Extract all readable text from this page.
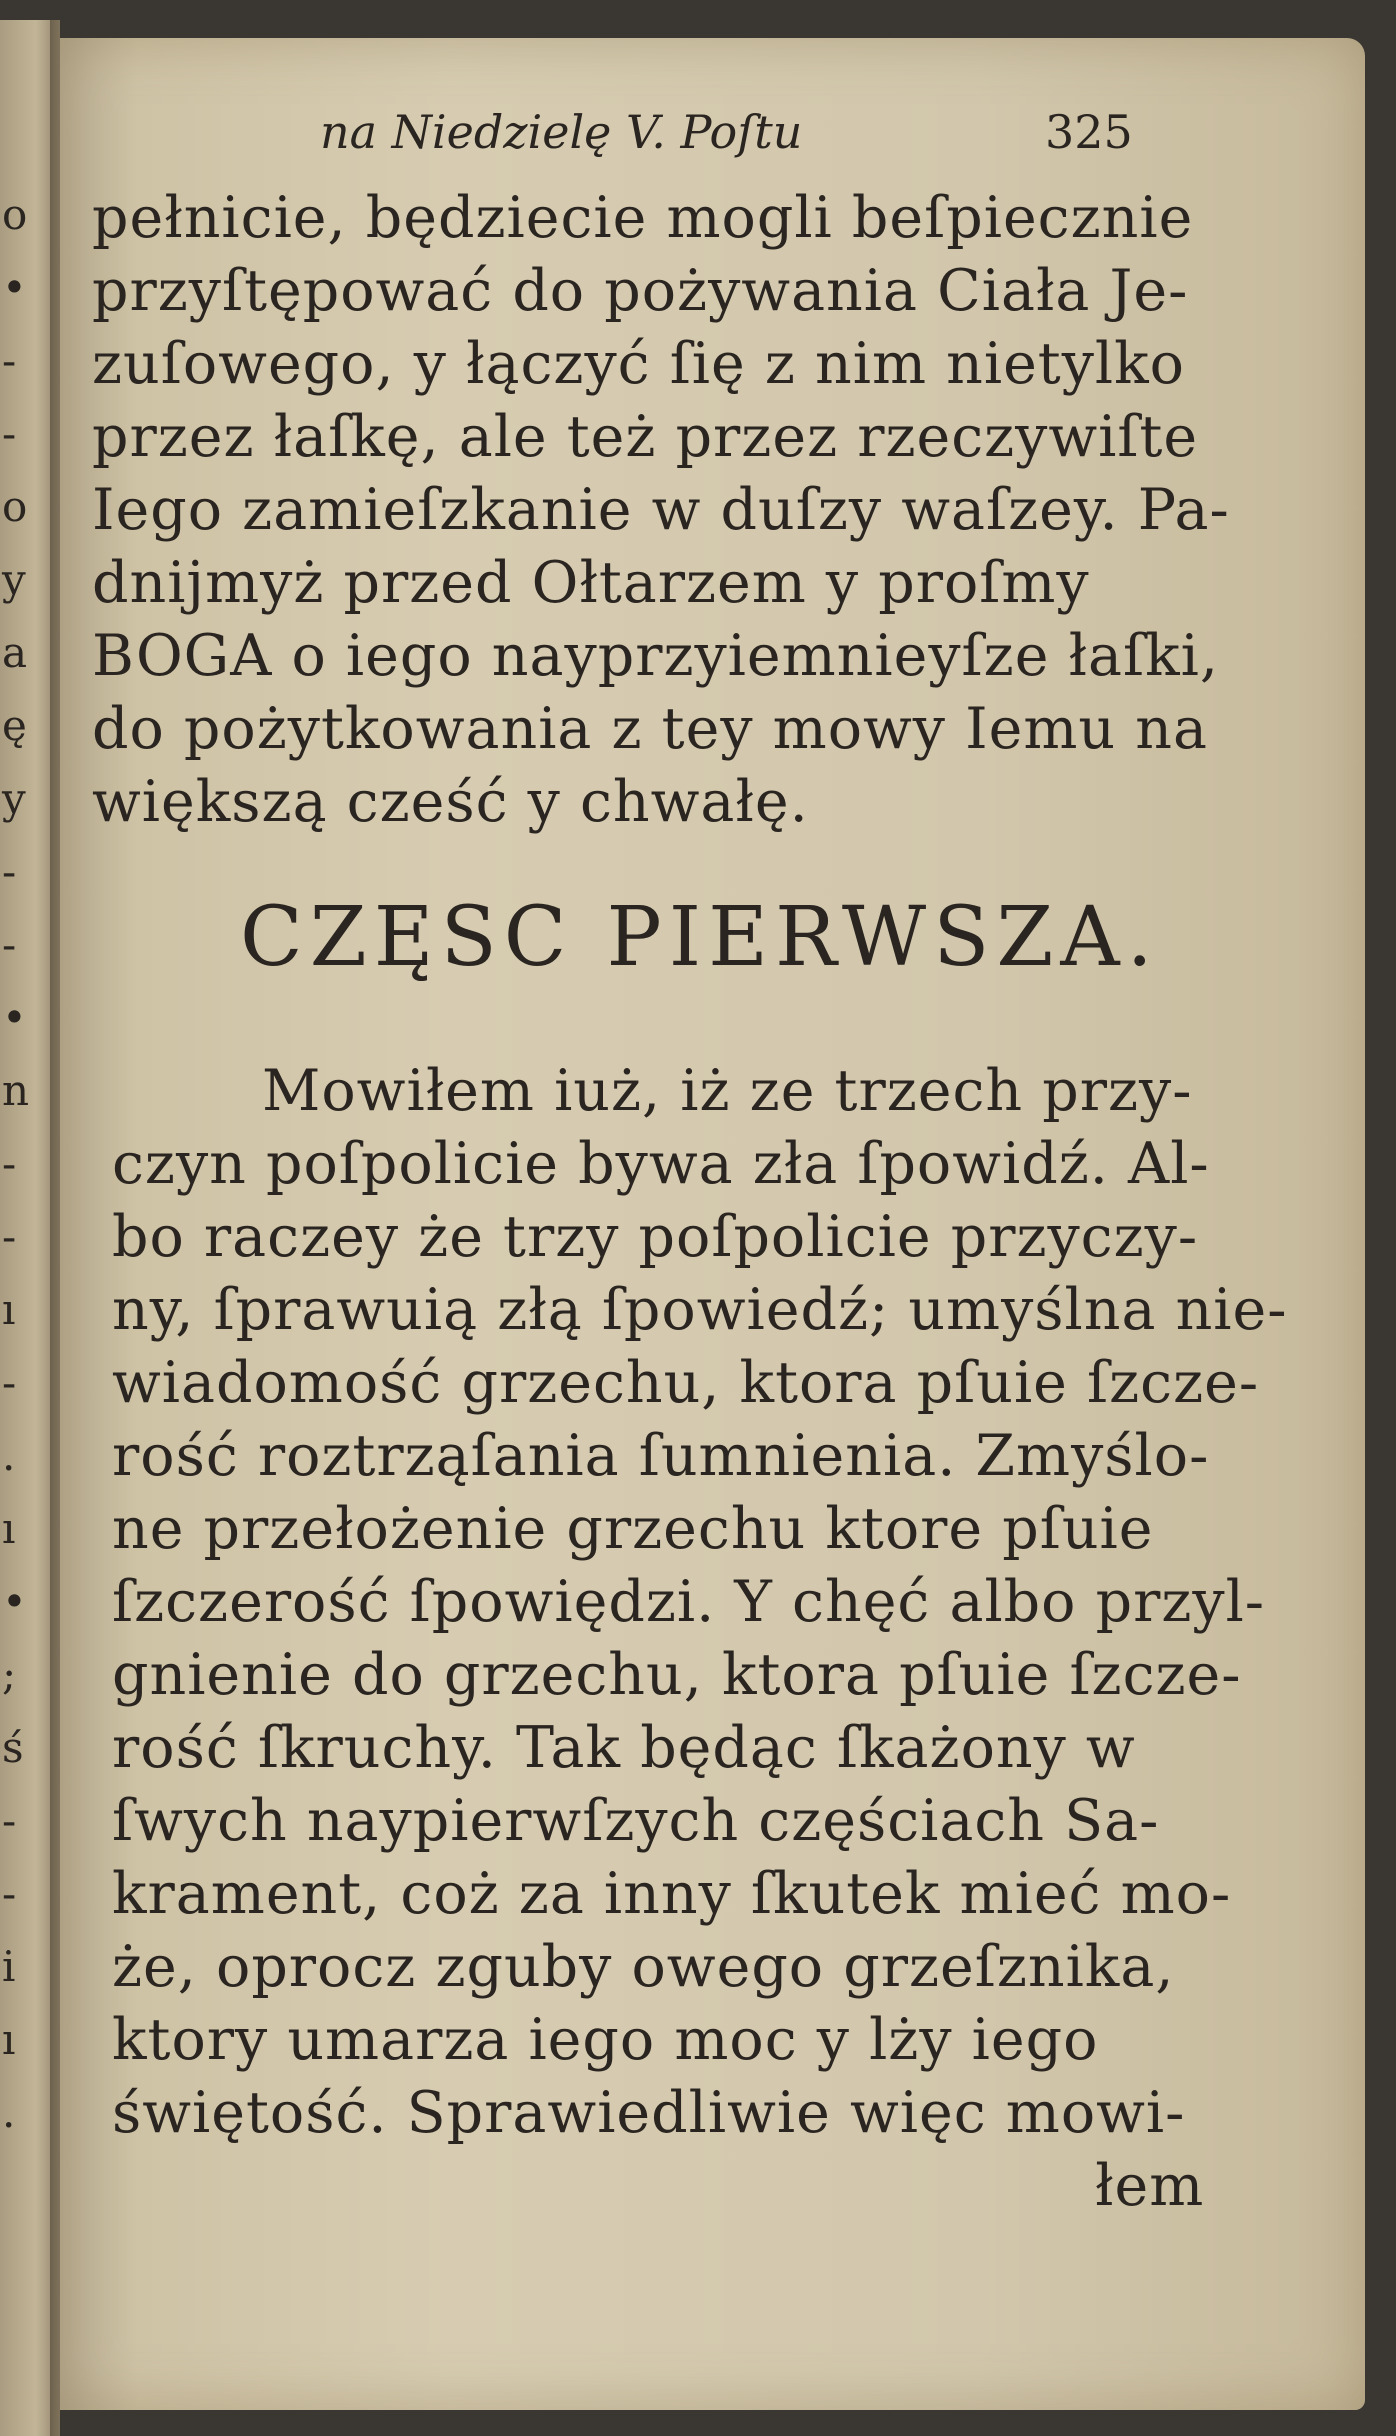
o
•
-
-
o
y
a
ę
y
-
-
•
n
-
-
ı
-
.
ı
•
;
ś
-
-
i
ı
.
na Niedzielę V. Poſtu	325
pełnicie, będziecie mogli beſpiecznie
przyſtępować do pożywania Ciała Je-
zuſowego, y łączyć ſię z nim nietylko
przez łaſkę, ale też przez rzeczywiſte
Iego zamieſzkanie w duſzy waſzey. Pa-
dnijmyż przed Ołtarzem y proſmy
BOGA o iego nayprzyiemnieyſze łaſki,
do pożytkowania z tey mowy Iemu na
większą cześć y chwałę.
CZĘSC PIERWSZA.
Mowiłem iuż, iż ze trzech przy-
czyn poſpolicie bywa zła ſpowidź. Al-
bo raczey że trzy poſpolicie przyczy-
ny, ſprawuią złą ſpowiedź; umyślna nie-
wiadomość grzechu, ktora pſuie ſzcze-
rość roztrząſania ſumnienia. Zmyślo-
ne przełożenie grzechu ktore pſuie
ſzczerość ſpowiędzi. Y chęć albo przyl-
gnienie do grzechu, ktora pſuie ſzcze-
rość ſkruchy. Tak będąc ſkażony w
ſwych naypierwſzych częściach Sa-
krament, coż za inny ſkutek mieć mo-
że, oprocz zguby owego grzeſznika,
ktory umarza iego moc y lży iego
świętość. Sprawiedliwie więc mowi-
łem
